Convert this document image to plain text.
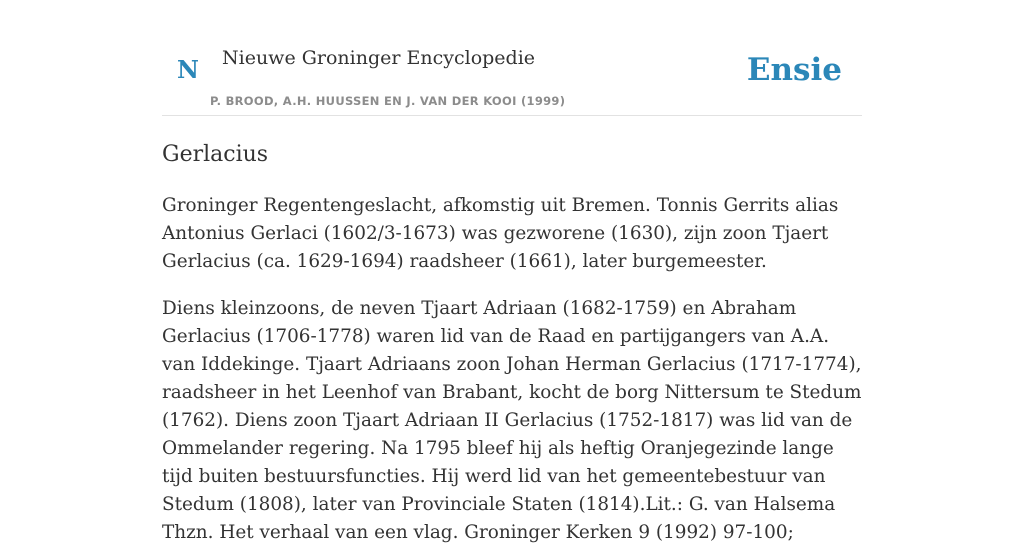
N Nieuwe Groninger Encyclopedie
P. BROOD, A.H. HUUSSEN EN J. VAN DER KOOI (1999)
Ensie
Gerlacius

Groninger Regentengeslacht, afkomstig uit Bremen. Tonnis Gerrits alias Antonius Gerlaci (1602/3-1673) was gezworene (1630), zijn zoon Tjaert Gerlacius (ca. 1629-1694) raadsheer (1661), later burgemeester.

Diens kleinzoons, de neven Tjaart Adriaan (1682-1759) en Abraham Gerlacius (1706-1778) waren lid van de Raad en partijgangers van A.A. van Iddekinge. Tjaart Adriaans zoon Johan Herman Gerlacius (1717-1774), raadsheer in het Leenhof van Brabant, kocht de borg Nittersum te Stedum (1762). Diens zoon Tjaart Adriaan II Gerlacius (1752-1817) was lid van de Ommelander regering. Na 1795 bleef hij als heftig Oranjegezinde lange tijd buiten bestuursfuncties. Hij werd lid van het gemeentebestuur van Stedum (1808), later van Provinciale Staten (1814).Lit.: G. van Halsema Thzn. Het verhaal van een vlag. Groninger Kerken 9 (1992) 97-100;
